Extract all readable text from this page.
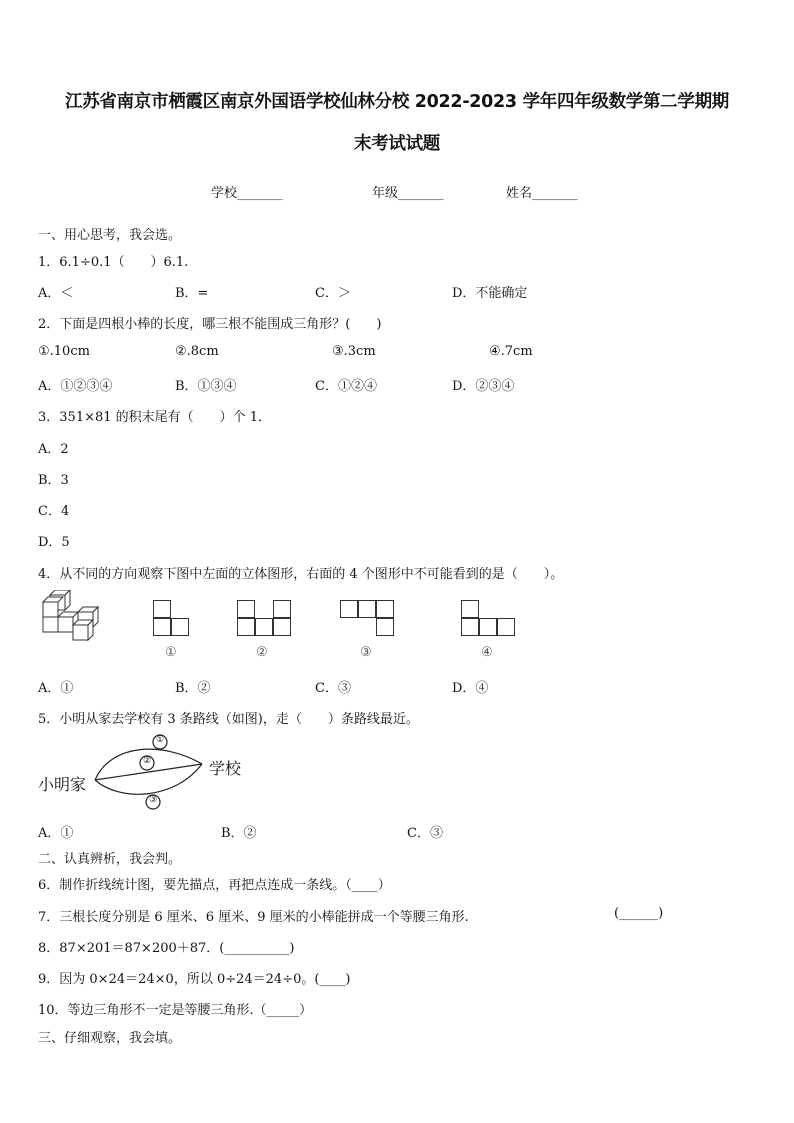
江苏省南京市栖霞区南京外国语学校仙林分校 2022-2023 学年四年级数学第二学期期
末考试试题
学校_______	年级_______	姓名_______
一、用心思考，我会选。
1．6.1÷0.1（　　）6.1.
A．＜	B．=	C．＞	D．不能确定
2．下面是四根小棒的长度，哪三根不能围成三角形？(　　)
①.10cm	②.8cm	③.3cm	④.7cm
A．①②③④	B．①③④	C．①②④	D．②③④
3．351×81 的积末尾有（　　）个 1．
A．2
B．3
C．4
D．5
4．从不同的方向观察下图中左面的立体图形，右面的 4 个图形中不可能看到的是（　　）。
①	②	③	④
A．①	B．②	C．③	D．④
5．小明从家去学校有 3 条路线（如图)，走（　　）条路线最近。
①
②
③
小明家
学校
A．①	B．②	C．③
二、认真辨析，我会判。
6．制作折线统计图，要先描点，再把点连成一条线。（____）
7．三根长度分别是 6 厘米、6 厘米、9 厘米的小棒能拼成一个等腰三角形.	(______)
8．87×201＝87×200＋87．(__________)
9．因为 0×24＝24×0，所以 0÷24＝24÷0。(____)
10．等边三角形不一定是等腰三角形.（_____）
三、仔细观察，我会填。
